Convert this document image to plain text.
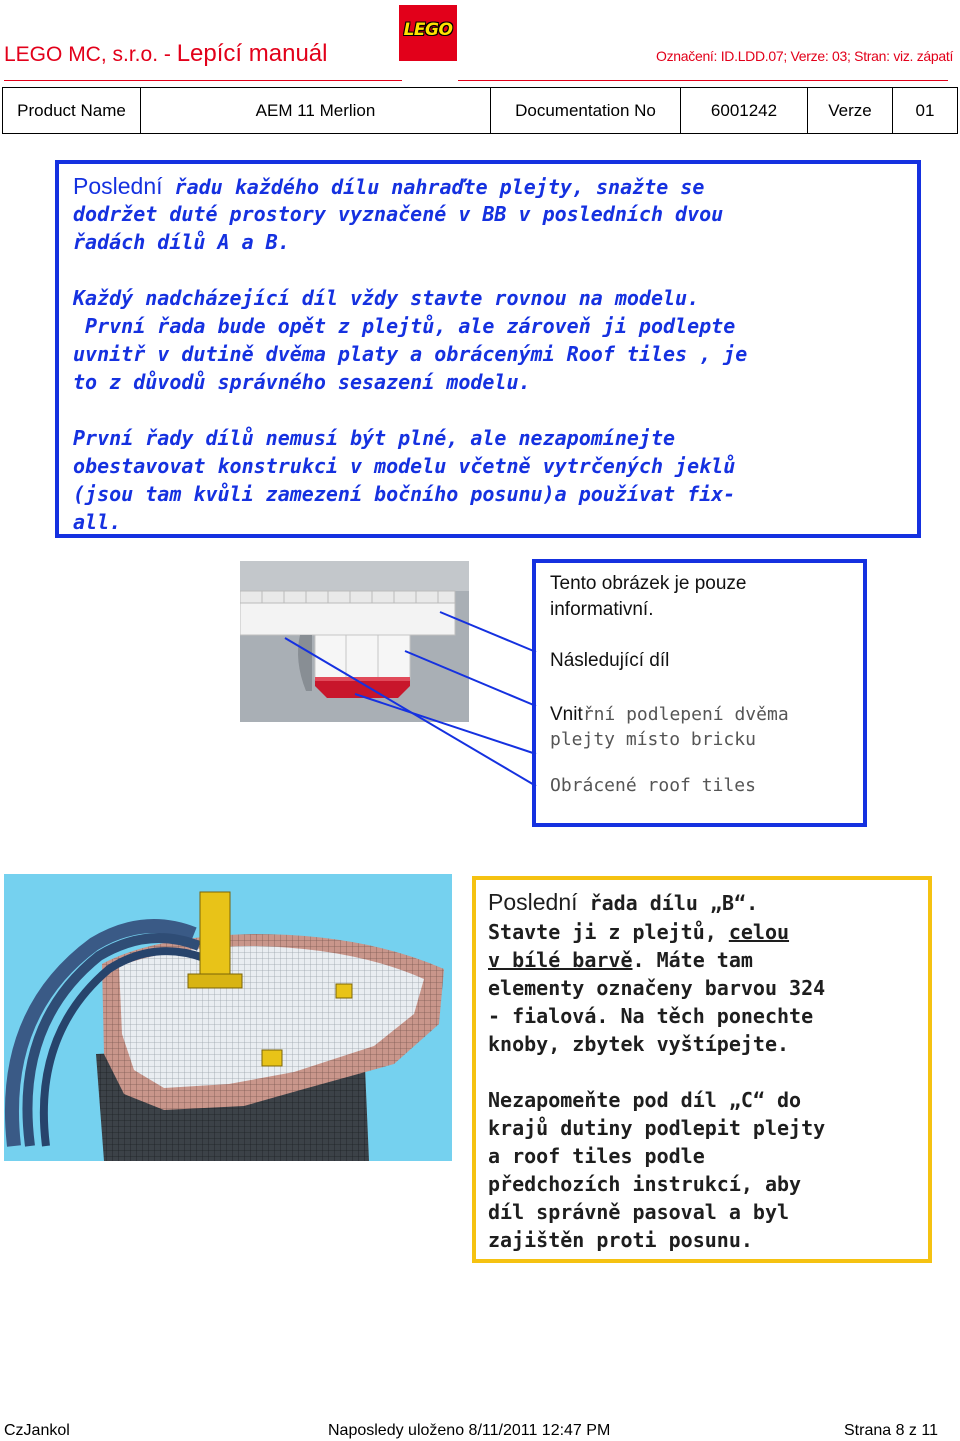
LEGO MC, s.r.o. - Lepící manuál
LEGO
Označení: ID.LDD.07; Verze: 03; Stran: viz. zápatí
Product Name	AEM 11 Merlion	Documentation No	6001242	Verze	01
Poslední řadu každého dílu nahraďte plejty, snažte se
dodržet duté prostory vyznačené v BB v posledních dvou
řadách dílů A a B.
Každý nadcházející díl vždy stavte rovnou na modelu.
První řada bude opět z plejtů, ale zároveň ji podlepte
uvnitř v dutině dvěma platy a obrácenými Roof tiles , je
to z důvodů správného sesazení modelu.
První řady dílů nemusí být plné, ale nezapomínejte
obestavovat konstrukci v modelu včetně vytrčených jeklů
(jsou tam kvůli zamezení bočního posunu)a používat fix-
all.
Tento obrázek je pouze
informativní.
Následující díl
Vnitřní podlepení dvěma
plejty místo bricku
Obrácené roof tiles
Poslední řada dílu „B“.
Stavte ji z plejtů, celou
v bílé barvě. Máte tam
elementy označeny barvou 324
- fialová. Na těch ponechte
knoby, zbytek vyštípejte.
Nezapomeňte pod díl „C“ do
krajů dutiny podlepit plejty
a roof tiles podle
předchozích instrukcí, aby
díl správně pasoval a byl
zajištěn proti posunu.
CzJankol	Naposledy uloženo 8/11/2011 12:47 PM	Strana 8 z 11
